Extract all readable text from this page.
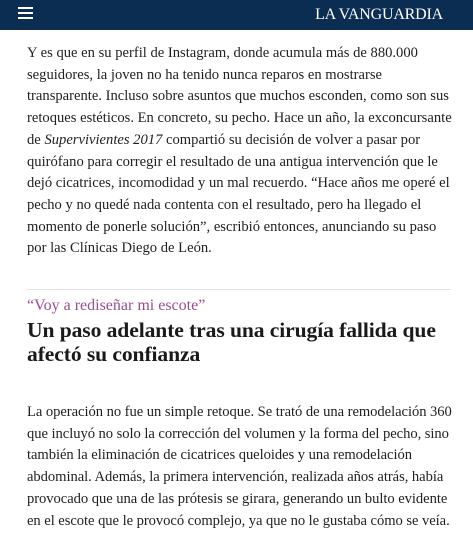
LA VANGUARDIA

Y es que en su perfil de Instagram, donde acumula más de 880.000 seguidores, la joven no ha tenido nunca reparos en mostrarse transparente. Incluso sobre asuntos que muchos esconden, como son sus retoques estéticos. En concreto, su pecho. Hace un año, la exconcursante de Supervivientes 2017 compartió su decisión de volver a pasar por quirófano para corregir el resultado de una antigua intervención que le dejó cicatrices, incomodidad y un mal recuerdo. “Hace años me operé el pecho y no quedé nada contenta con el resultado, pero ha llegado el momento de ponerle solución”, escribió entonces, anunciando su paso por las Clínicas Diego de León.

“Voy a rediseñar mi escote”
Un paso adelante tras una cirugía fallida que afectó su confianza

La operación no fue un simple retoque. Se trató de una remodelación 360 que incluyó no solo la corrección del volumen y la forma del pecho, sino también la eliminación de cicatrices queloides y una remodelación abdominal. Además, la primera intervención, realizada años atrás, había provocado que una de las prótesis se girara, generando un bulto evidente en el escote que le provocó complejo, ya que no le gustaba cómo se veía.
